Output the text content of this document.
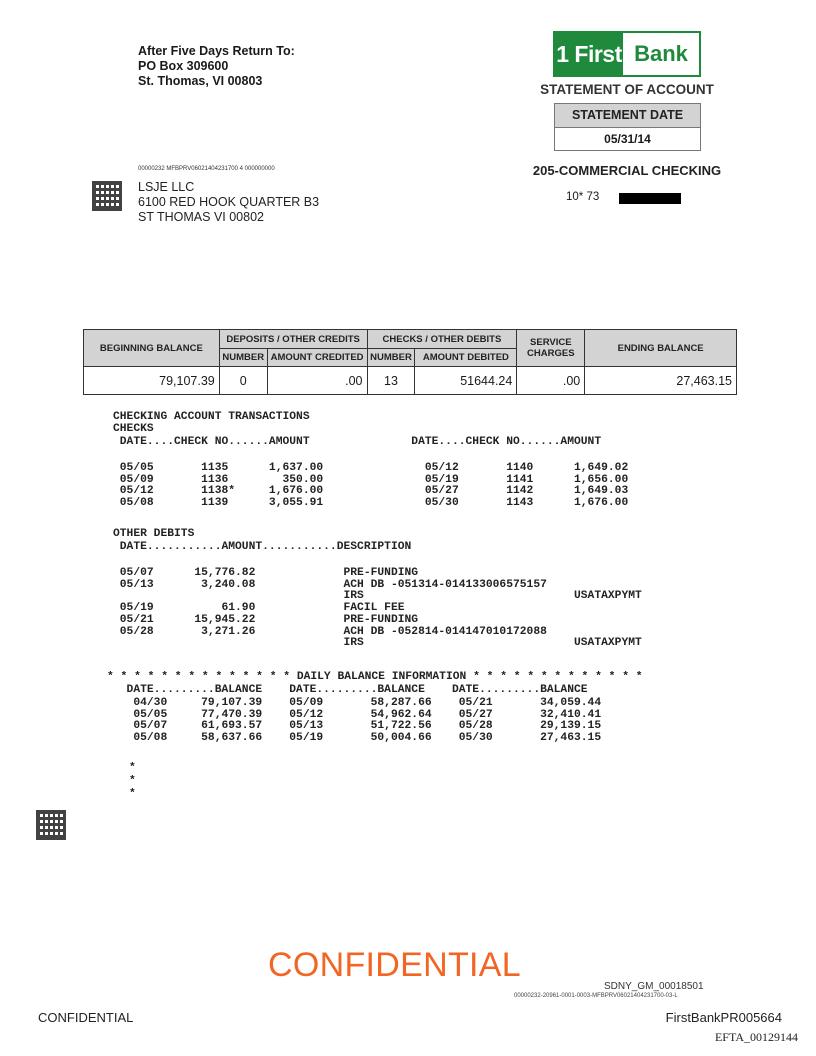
After Five Days Return To:
PO Box 309600
St. Thomas, VI 00803
1 First Bank
STATEMENT OF ACCOUNT
STATEMENT DATE
05/31/14
205-COMMERCIAL CHECKING
10* 73
00000232 MFBPRV06021404231700 4 000000000
LSJE LLC
6100 RED HOOK QUARTER B3
ST THOMAS VI 00802
BEGINNING BALANCE	DEPOSITS / OTHER CREDITS		CHECKS / OTHER DEBITS		SERVICE CHARGES	ENDING BALANCE
	NUMBER	AMOUNT CREDITED	NUMBER	AMOUNT DEBITED		
79,107.39	0	.00	13	51644.24	.00	27,463.15
CHECKING ACCOUNT TRANSACTIONS
CHECKS
DATE....CHECK NO......AMOUNT               DATE....CHECK NO......AMOUNT
05/05       1135      1,637.00               05/12       1140      1,649.02
05/09       1136        350.00               05/19       1141      1,656.00
05/12       1138*     1,676.00               05/27       1142      1,649.03
05/08       1139      3,055.91               05/30       1143      1,676.00
OTHER DEBITS
DATE...........AMOUNT...........DESCRIPTION
05/07      15,776.82             PRE-FUNDING
05/13       3,240.08             ACH DB -051314-014133006575157
IRS                               USATAXPYMT
05/19          61.90             FACIL FEE
05/21      15,945.22             PRE-FUNDING
05/28       3,271.26             ACH DB -052814-014147010172088
IRS                               USATAXPYMT
* * * * * * * * * * * * * * DAILY BALANCE INFORMATION * * * * * * * * * * * * *
DATE.........BALANCE    DATE.........BALANCE    DATE.........BALANCE
04/30     79,107.39    05/09       58,287.66    05/21       34,059.44
05/05     77,470.39    05/12       54,962.64    05/27       32,410.41
05/07     61,693.57    05/13       51,722.56    05/28       29,139.15
05/08     58,637.66    05/19       50,004.66    05/30       27,463.15
*
*
*
CONFIDENTIAL
SDNY_GM_00018501
00000232-20961-0001-0003-MFBPRV06021404231700-03-L
CONFIDENTIAL	FirstBankPR005664
EFTA_00129144
